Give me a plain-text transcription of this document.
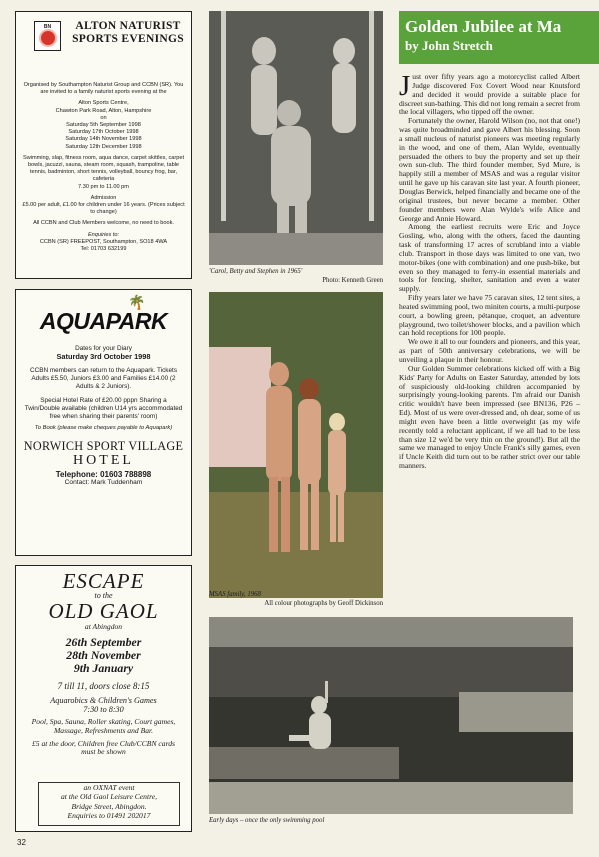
BN	ALTON NATURIST SPORTS EVENINGS
Organised by Southampton Naturist Group and CCBN (SR). You are invited to a family naturist sports evening at the
Alton Sports Centre,
Chawton Park Road, Alton, Hampshire
on
Saturday 5th September 1998
Saturday 17th October 1998
Saturday 14th November 1998
Saturday 12th December 1998
Swimming, slap, fitness room, aqua dance, carpet skittles, carpet bowls, jacuzzi, sauna, steam room, squash, trampoline, table tennis, badminton, short tennis, volleyball, bouncy frog, bar, cafeteria
7.30 pm to 11.00 pm
Admission
£5.00 per adult, £1.00 for children under 16 years. (Prices subject to change)
All CCBN and Club Members welcome, no need to book.
Enquiries to:
CCBN (SR) FREEPOST, Southampton, SO18 4WA
Tel: 01703 632199
🌴
AQUAPARK
Dates for your Diary
Saturday 3rd October 1998
CCBN members can return to the Aquapark. Tickets Adults £5.50, Juniors £3.00 and Families £14.00 (2 Adults & 2 Juniors).
Special Hotel Rate of £20.00 pppn Sharing a Twin/Double available (children U14 yrs accommodated free when sharing their parents' room)
To Book (please make cheques payable to Aquapark)
NORWICH SPORT VILLAGE
HOTEL
Telephone: 01603 788898
Contact: Mark Tuddenham
ESCAPE
to the
OLD GAOL
at Abingdon
26th September
28th November
9th January
7 till 11, doors close 8:15
Aquarobics & Children's Games
7:30 to 8:30
Pool, Spa, Sauna, Roller skating, Court games, Massage, Refreshments and Bar.
£5 at the door, Children free Club/CCBN cards must be shown
an OXNAT event
at the Old Gaol Leisure Centre,
Bridge Street, Abingdon.
Enquiries to 01491 202017
'Carol, Betty and Stephen in 1965'
Photo: Kenneth Green
MSAS family, 1968
All colour photographs by Geoff Dickinson
Early days – once the only swimming pool
Golden Jubilee at Ma
by John Stretch

Just over fifty years ago a motorcyclist called Albert Judge discovered Fox Covert Wood near Knutsford and decided it would provide a suitable place for discreet sun-bathing. This did not long remain a secret from the local villagers, who tipped off the owner.

Fortunately the owner, Harold Wilson (no, not that one!) was quite broadminded and gave Albert his blessing. Soon a small nucleus of naturist pioneers was meeting regularly in the wood, and one of them, Alan Wylde, eventually persuaded the others to buy the property and set up their own sun-club. The third founder member, Syd Mure, is happily still a member of MSAS and was a regular visitor until he gave up his caravan site last year. A fourth pioneer, Douglas Berwick, helped financially and became one of the original trustees, but never became a member. Other founder members were Alan Wylde's wife Alice and George and Annie Howard.

Among the earliest recruits were Eric and Joyce Gosling, who, along with the others, faced the daunting task of transforming 17 acres of scrubland into a viable club. Transport in those days was limited to one van, two motor-bikes (one with combination) and one push-bike, but even so they managed to ferry-in essential materials and tools for fencing, shelter, sanitation and even a water supply.

Fifty years later we have 75 caravan sites, 12 tent sites, a heated swimming pool, two miniten courts, a multi-purpose court, a bowling green, pétanque, croquet, an adventure playground, two toilet/shower blocks, and a pavilion which can hold receptions for 100 people.

We owe it all to our founders and pioneers, and this year, as part of 50th anniversary celebrations, we will be unveiling a plaque in their honour.

Our Golden Summer celebrations kicked off with a Big Kids' Party for Adults on Easter Saturday, attended by lots of suspiciously old-looking children accompanied by surprisingly young-looking parents. I'm afraid our Danish critic wouldn't have been impressed (see BN136, P26 – Ed). Most of us were over-dressed and, oh dear, some of us might even have been a little overweight (as my wife recently told a reluctant applicant, if we all had to be less than size 12 we'd be very thin on the ground!). But all the same we managed to enjoy Uncle Frank's silly games, even if Uncle Keith did turn out to be rather strict over our table manners.

32
